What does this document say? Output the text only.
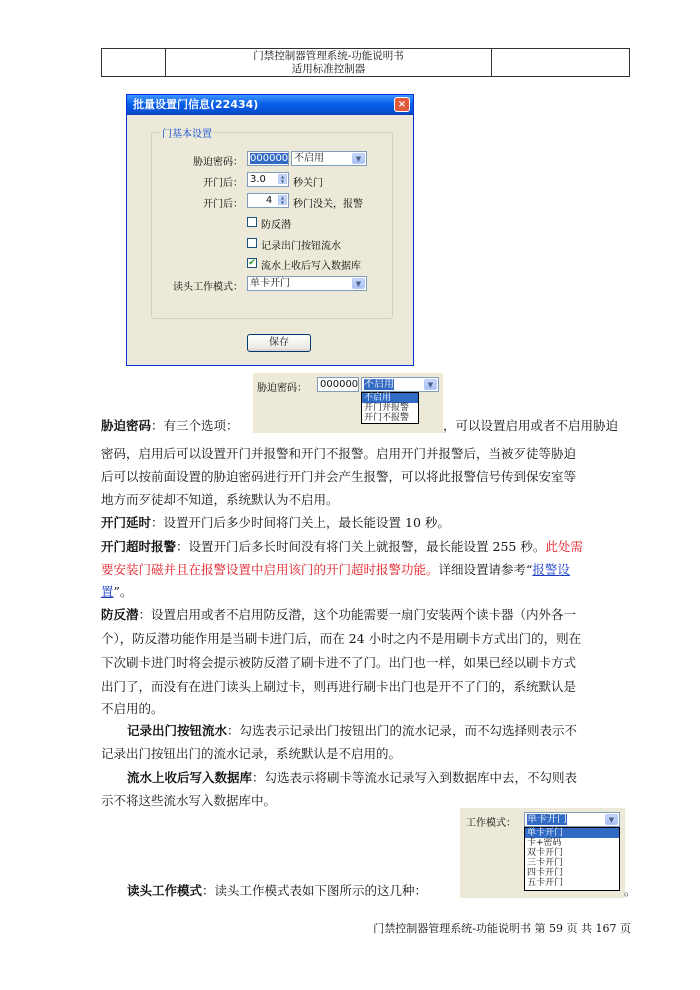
门禁控制器管理系统-功能说明书
适用标准控制器
批量设置门信息(22434)	×
门基本设置
胁迫密码： 000000 不启用	▼
开门后： 3.0	▲
▼ 秒关门
开门后：	4	▲
▼ 秒门没关，报警
防反潜
记录出门按钮流水
✔ 流水上收后写入数据库
读头工作模式： 单卡开门	▼
保存
胁迫密码：	000000 不启用	▼
不启用
开门并报警
开门不报警
胁迫密码：有三个选项：	，可以设置启用或者不启用胁迫
密码，启用后可以设置开门并报警和开门不报警。启用开门并报警后，当被歹徒等胁迫
后可以按前面设置的胁迫密码进行开门并会产生报警，可以将此报警信号传到保安室等
地方而歹徒却不知道，系统默认为不启用。
开门延时：设置开门后多少时间将门关上，最长能设置 10 秒。
开门超时报警：设置开门后多长时间没有将门关上就报警，最长能设置 255 秒。此处需
要安装门磁并且在报警设置中启用该门的开门超时报警功能。详细设置请参考“报警设
置”。
防反潜：设置启用或者不启用防反潜，这个功能需要一扇门安装两个读卡器（内外各一
个），防反潜功能作用是当刷卡进门后，而在 24 小时之内不是用刷卡方式出门的，则在
下次刷卡进门时将会提示被防反潜了刷卡进不了门。出门也一样，如果已经以刷卡方式
出门了，而没有在进门读头上刷过卡，则再进行刷卡出门也是开不了门的，系统默认是
不启用的。
记录出门按钮流水：勾选表示记录出门按钮出门的流水记录，而不勾选择则表示不
记录出门按钮出门的流水记录，系统默认是不启用的。
流水上收后写入数据库：勾选表示将刷卡等流水记录写入到数据库中去，不勾则表
示不将这些流水写入数据库中。
工作模式：	单卡开门	▼
单卡开门
卡+密码
双卡开门
三卡开门
四卡开门
五卡开门
读头工作模式：读头工作模式表如下图所示的这几种：	。
门禁控制器管理系统-功能说明书 第 59 页 共 167 页
